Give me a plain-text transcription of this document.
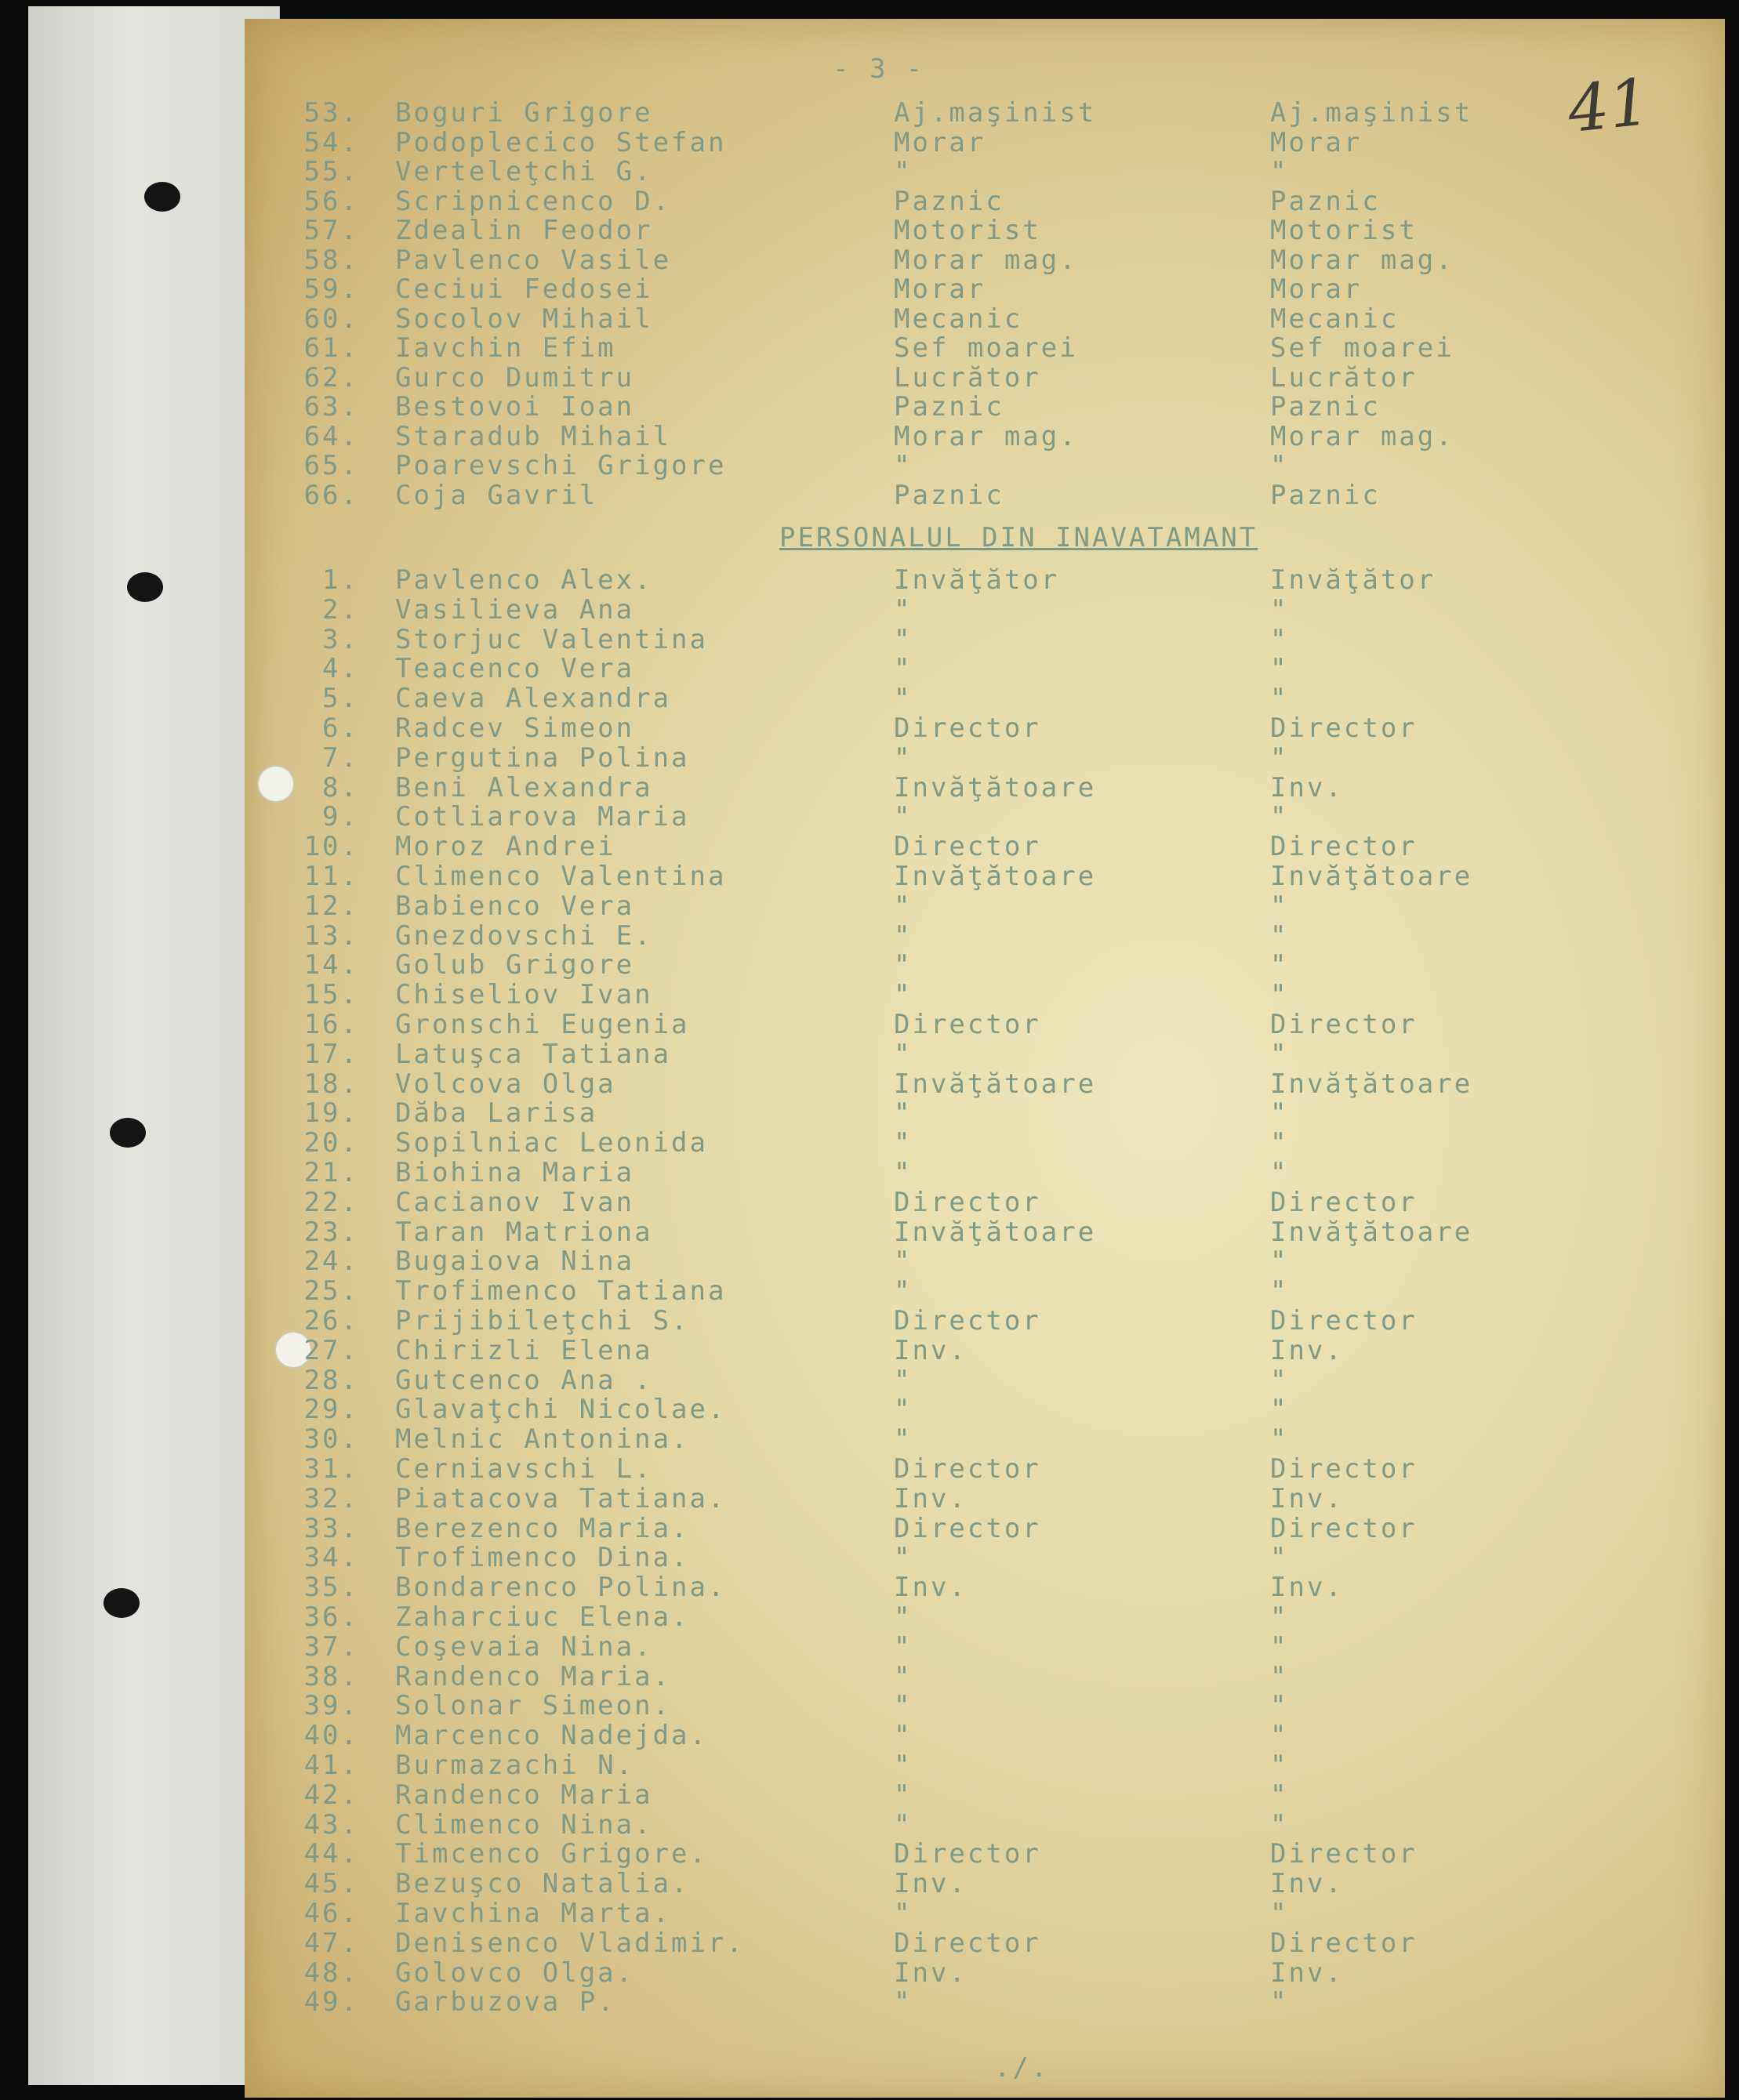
- 3 -	41
53. Boguri Grigore	Aj.maşinist	Aj.maşinist
54. Podoplecico Stefan	Morar	Morar
55. Verteleţchi G.	"	"
56. Scripnicenco D.	Paznic	Paznic
57. Zdealin Feodor	Motorist	Motorist
58. Pavlenco Vasile	Morar mag.	Morar mag.
59. Ceciui Fedosei	Morar	Morar
60. Socolov Mihail	Mecanic	Mecanic
61. Iavchin Efim	Sef moarei	Sef moarei
62. Gurco Dumitru	Lucrător	Lucrător
63. Bestovoi Ioan	Paznic	Paznic
64. Staradub Mihail	Morar mag.	Morar mag.
65. Poarevschi Grigore	"	"
66. Coja Gavril	Paznic	Paznic
PERSONALUL DIN INAVATAMANT
1. Pavlenco Alex.	Invăţător	Invăţător
2. Vasilieva Ana	"	"
3. Storjuc Valentina	"	"
4. Teacenco Vera	"	"
5. Caeva Alexandra	"	"
6. Radcev Simeon	Director	Director
7. Pergutina Polina	"	"
8. Beni Alexandra	Invăţătoare	Inv.
9. Cotliarova Maria	"	"
10. Moroz Andrei	Director	Director
11. Climenco Valentina	Invăţătoare	Invăţătoare
12. Babienco Vera	"	"
13. Gnezdovschi E.	"	"
14. Golub Grigore	"	"
15. Chiseliov Ivan	"	"
16. Gronschi Eugenia	Director	Director
17. Latuşca Tatiana	"	"
18. Volcova Olga	Invăţătoare	Invăţătoare
19. Dăba Larisa	"	"
20. Sopilniac Leonida	"	"
21. Biohina Maria	"	"
22. Cacianov Ivan	Director	Director
23. Taran Matriona	Invăţătoare	Invăţătoare
24. Bugaiova Nina	"	"
25. Trofimenco Tatiana	"	"
26. Prijibileţchi S.	Director	Director
27. Chirizli Elena	Inv.	Inv.
28. Gutcenco Ana .	"	"
29. Glavaţchi Nicolae.	"	"
30. Melnic Antonina.	"	"
31. Cerniavschi L.	Director	Director
32. Piatacova Tatiana.	Inv.	Inv.
33. Berezenco Maria.	Director	Director
34. Trofimenco Dina.	"	"
35. Bondarenco Polina.	Inv.	Inv.
36. Zaharciuc Elena.	"	"
37. Coşevaia Nina.	"	"
38. Randenco Maria.	"	"
39. Solonar Simeon.	"	"
40. Marcenco Nadejda.	"	"
41. Burmazachi N.	"	"
42. Randenco Maria	"	"
43. Climenco Nina.	"	"
44. Timcenco Grigore.	Director	Director
45. Bezuşco Natalia.	Inv.	Inv.
46. Iavchina Marta.	"	"
47. Denisenco Vladimir.	Director	Director
48. Golovco Olga.	Inv.	Inv.
49. Garbuzova P.	"	"
./.
